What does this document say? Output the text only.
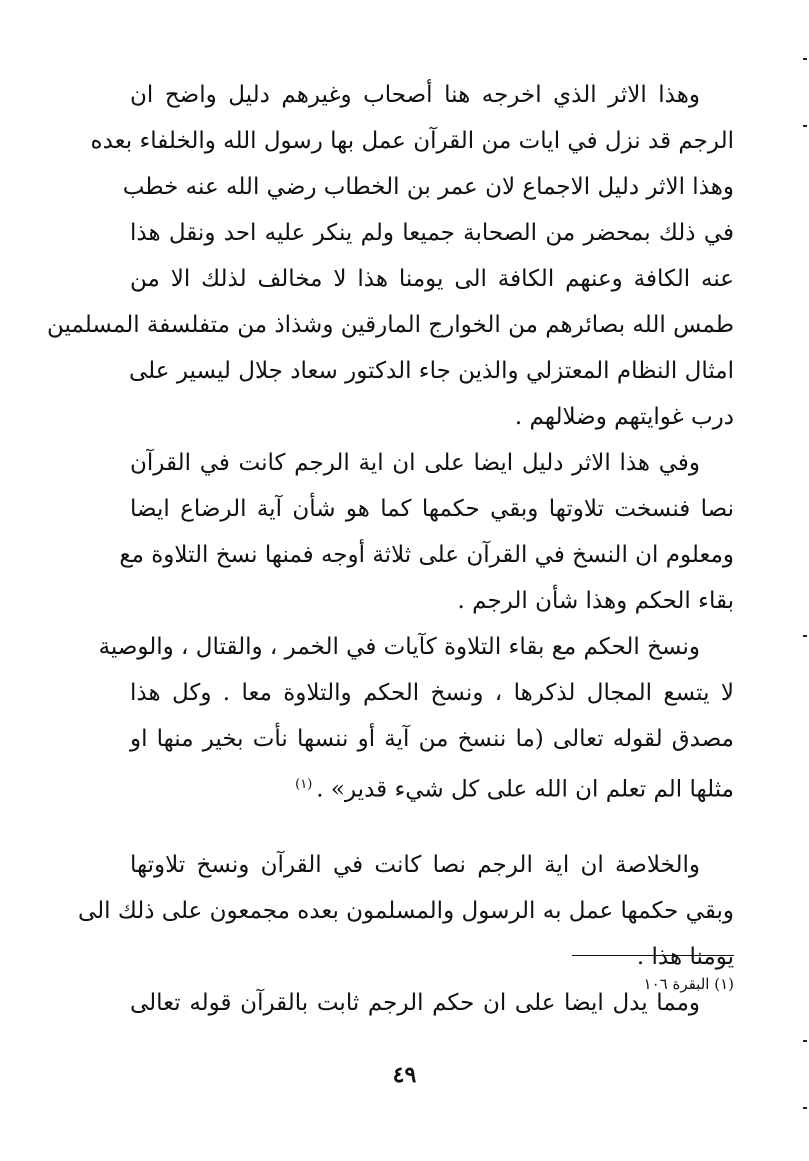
وهذا الاثر الذي اخرجه هنا أصحاب وغيرهم دليل واضح ان
الرجم قد نزل في ايات من القرآن عمل بها رسول الله والخلفاء بعده
وهذا الاثر دليل الاجماع لان عمر بن الخطاب رضي الله عنه خطب
في ذلك بمحضر من الصحابة جميعا ولم ينكر عليه احد ونقل هذا
عنه الكافة وعنهم الكافة الى يومنا هذا لا مخالف لذلك الا من
طمس الله بصائرهم من الخوارج المارقين وشذاذ من متفلسفة المسلمين
امثال النظام المعتزلي والذين جاء الدكتور سعاد جلال ليسير على
درب غوايتهم وضلالهم .
وفي هذا الاثر دليل ايضا على ان اية الرجم كانت في القرآن
نصا فنسخت تلاوتها وبقي حكمها كما هو شأن آية الرضاع ايضا
ومعلوم ان النسخ في القرآن على ثلاثة أوجه فمنها نسخ التلاوة مع
بقاء الحكم وهذا شأن الرجم .
ونسخ الحكم مع بقاء التلاوة كآيات في الخمر ، والقتال ، والوصية
لا يتسع المجال لذكرها ، ونسخ الحكم والتلاوة معا . وكل هذا
مصدق لقوله تعالى (ما ننسخ من آية أو ننسها نأت بخير منها او
مثلها الم تعلم ان الله على كل شيء قدير» .$^{(١)}$
والخلاصة ان اية الرجم نصا كانت في القرآن ونسخ تلاوتها
وبقي حكمها عمل به الرسول والمسلمون بعده مجمعون على ذلك الى
يومنا هذا .
ومما يدل ايضا على ان حكم الرجم ثابت بالقرآن قوله تعالى
(١) البقرة ١٠٦
٤٩
